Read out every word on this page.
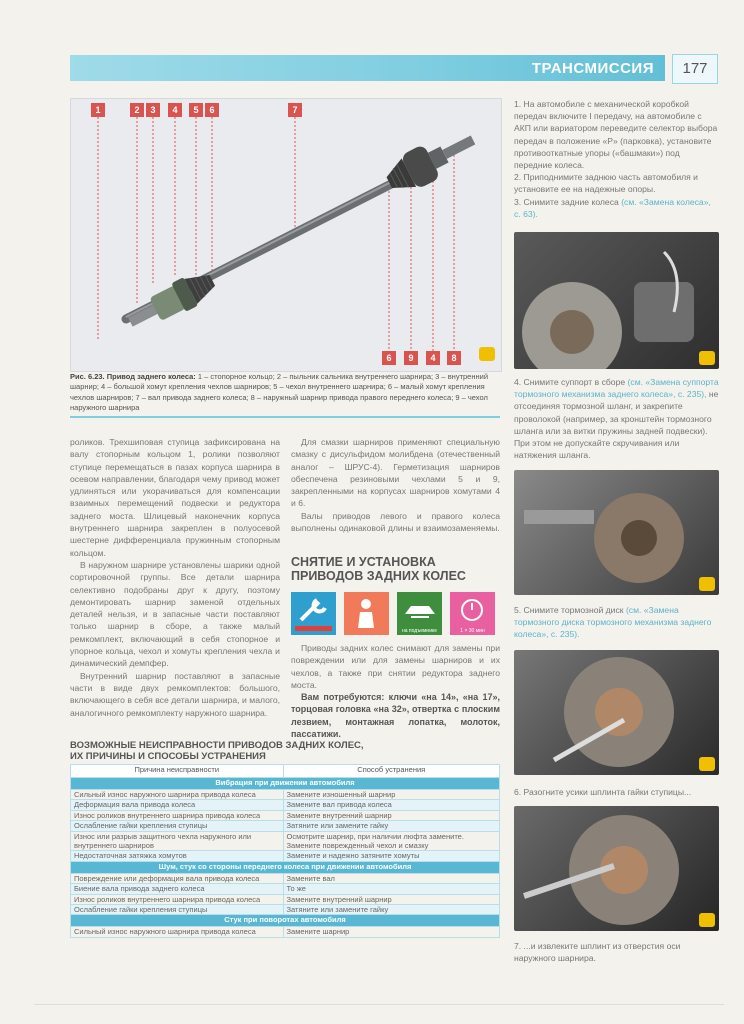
ТРАНСМИССИЯ	177
1	2	3	4	5	6	7
6	9	4	8
Рис. 6.23. Привод заднего колеса: 1 – стопорное кольцо; 2 – пыльник сальника внутреннего шарнира; 3 – внутренний шарнир; 4 – большой хомут крепления чехлов шарниров; 5 – чехол внутреннего шарнира; 6 – малый хомут крепления чехлов шарниров; 7 – вал привода заднего колеса; 8 – наружный шарнир привода правого переднего колеса; 9 – чехол наружного шарнира

роликов. Трехшиповая ступица зафиксирована на валу стопорным кольцом 1, ролики позволяют ступице перемещаться в пазах корпуса шарнира в осевом направлении, благодаря чему привод может удлиняться или укорачиваться для компенсации взаимных перемещений подвески и редуктора заднего моста. Шлицевый наконечник корпуса внутреннего шарнира закреплен в полуосевой шестерне дифференциала пружинным стопорным кольцом.

В наружном шарнире установлены шарики одной сортировочной группы. Все детали шарнира селективно подобраны друг к другу, поэтому демонтировать шарнир заменой отдельных деталей нельзя, и в запасные части поставляют только шарнир в сборе, а также малый ремкомплект, включающий в себя стопорное и упорное кольца, чехол и хомуты крепления чехла и динамический демпфер.

Внутренний шарнир поставляют в запасные части в виде двух ремкомплектов: большого, включающего в себя все детали шарнира, и малого, аналогичного ремкомплекту наружного шарнира.

Для смазки шарниров применяют специальную смазку с дисульфидом молибдена (отечественный аналог – ШРУС-4). Герметизация шарниров обеспечена резиновыми чехлами 5 и 9, закрепленными на корпусах шарниров хомутами 4 и 6.

Валы приводов левого и правого колеса выполнены одинаковой длины и взаимозаменяемы.

СНЯТИЕ И УСТАНОВКА
ПРИВОДОВ ЗАДНИХ КОЛЕС
на подъемнике	1 × 30 мин

Приводы задних колес снимают для замены при повреждении или для замены шарниров и их чехлов, а также при снятии редуктора заднего моста.

Вам потребуются: ключи «на 14», «на 17», торцовая головка «на 32», отвертка с плоским лезвием, монтажная лопатка, молоток, пассатижи.

ВОЗМОЖНЫЕ НЕИСПРАВНОСТИ ПРИВОДОВ ЗАДНИХ КОЛЕС,
ИХ ПРИЧИНЫ И СПОСОБЫ УСТРАНЕНИЯ
Причина неисправности	Способ устранения
Вибрация при движении автомобиля	
Сильный износ наружного шарнира привода колеса	Замените изношенный шарнир
Деформация вала привода колеса	Замените вал привода колеса
Износ роликов внутреннего шарнира привода колеса	Замените внутренний шарнир
Ослабление гайки крепления ступицы	Затяните или замените гайку
Износ или разрыв защитного чехла наружного или внутреннего шарниров	Осмотрите шарнир, при наличии люфта замените. Замените поврежденный чехол и смазку
Недостаточная затяжка хомутов	Замените и надежно затяните хомуты
Шум, стук со стороны переднего колеса при движении автомобиля	
Повреждение или деформация вала привода колеса	Замените вал
Биение вала привода заднего колеса	То же
Износ роликов внутреннего шарнира привода колеса	Замените внутренний шарнир
Ослабление гайки крепления ступицы	Затяните или замените гайку
Стук при поворотах автомобиля	
Сильный износ наружного шарнира привода колеса	Замените шарнир
1. На автомобиле с механической коробкой передач включите I передачу, на автомобиле с АКП или вариатором переведите селектор выбора передач в положение «P» (парковка), установите противооткатные упоры («башмаки») под передние колеса.
2. Приподнимите заднюю часть автомобиля и установите ее на надежные опоры.
3. Снимите задние колеса (см. «Замена колеса», с. 63).
4. Снимите суппорт в сборе (см. «Замена суппорта тормозного механизма заднего колеса», с. 235), не отсоединяя тормозной шланг, и закрепите проволокой (например, за кронштейн тормозного шланга или за витки пружины задней подвески). При этом не допускайте скручивания или натяжения шланга.
5. Снимите тормозной диск (см. «Замена тормозного диска тормозного механизма заднего колеса», с. 235).
6. Разогните усики шплинта гайки ступицы...
7. ...и извлеките шплинт из отверстия оси наружного шарнира.
